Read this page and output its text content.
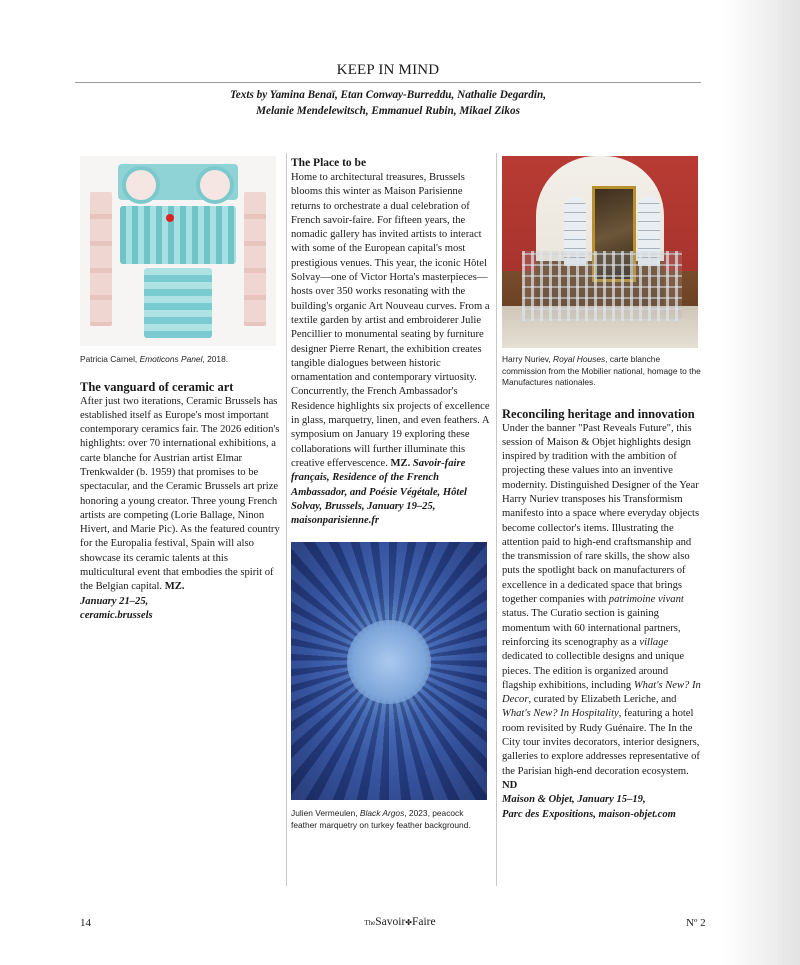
KEEP IN MIND
Texts by Yamina Benaï, Etan Conway-Burreddu, Nathalie Degardin,
Melanie Mendelewitsch, Emmanuel Rubin, Mikael Zikos
Patricia Carnel, Emoticons Panel, 2018.
The vanguard of ceramic art

After just two iterations, Ceramic Brussels has established itself as Europe's most important contemporary ceramics fair. The 2026 edition's highlights: over 70 international exhibitions, a carte blanche for Austrian artist Elmar Trenkwalder (b. 1959) that promises to be spectacular, and the Ceramic Brussels art prize honoring a young creator. Three young French artists are competing (Lorie Ballage, Ninon Hivert, and Marie Pic). As the featured country for the Europalia festival, Spain will also showcase its ceramic talents at this multicultural event that embodies the spirit of the Belgian capital. MZ.
January 21–25,
ceramic.brussels

The Place to be

Home to architectural treasures, Brussels blooms this winter as Maison Parisienne returns to orchestrate a dual celebration of French savoir-faire. For fifteen years, the nomadic gallery has invited artists to interact with some of the European capital's most prestigious venues. This year, the iconic Hôtel Solvay—one of Victor Horta's masterpieces—hosts over 350 works resonating with the building's organic Art Nouveau curves. From a textile garden by artist and embroiderer Julie Pencillier to monumental seating by furniture designer Pierre Renart, the exhibition creates tangible dialogues between historic ornamentation and contemporary virtuosity. Concurrently, the French Ambassador's Residence highlights six projects of excellence in glass, marquetry, linen, and even feathers. A symposium on January 19 exploring these collaborations will further illuminate this creative effervescence. MZ. Savoir-faire français, Residence of the French Ambassador, and Poésie Végétale, Hôtel Solvay, Brussels, January 19–25, maisonparisienne.fr

Julien Vermeulen, Black Argos, 2023, peacock feather marquetry on turkey feather background.
Harry Nuriev, Royal Houses, carte blanche commission from the Mobilier national, homage to the Manufactures nationales.
Reconciling heritage and innovation

Under the banner "Past Reveals Future", this session of Maison & Objet highlights design inspired by tradition with the ambition of projecting these values into an inventive modernity. Distinguished Designer of the Year Harry Nuriev transposes his Transformism manifesto into a space where everyday objects become collector's items. Illustrating the attention paid to high-end craftsmanship and the transmission of rare skills, the show also puts the spotlight back on manufacturers of excellence in a dedicated space that brings together companies with patrimoine vivant status. The Curatio section is gaining momentum with 60 international partners, reinforcing its scenography as a village dedicated to collectible designs and unique pieces. The edition is organized around flagship exhibitions, including What's New? In Decor, curated by Elizabeth Leriche, and What's New? In Hospitality, featuring a hotel room revisited by Rudy Guénaire. The In the City tour invites decorators, interior designers, galleries to explore addresses representative of the Parisian high-end decoration ecosystem. ND
Maison & Objet, January 15–19,
Parc des Expositions, maison-objet.com

14	TheSavoir✤Faire	Nº 2
